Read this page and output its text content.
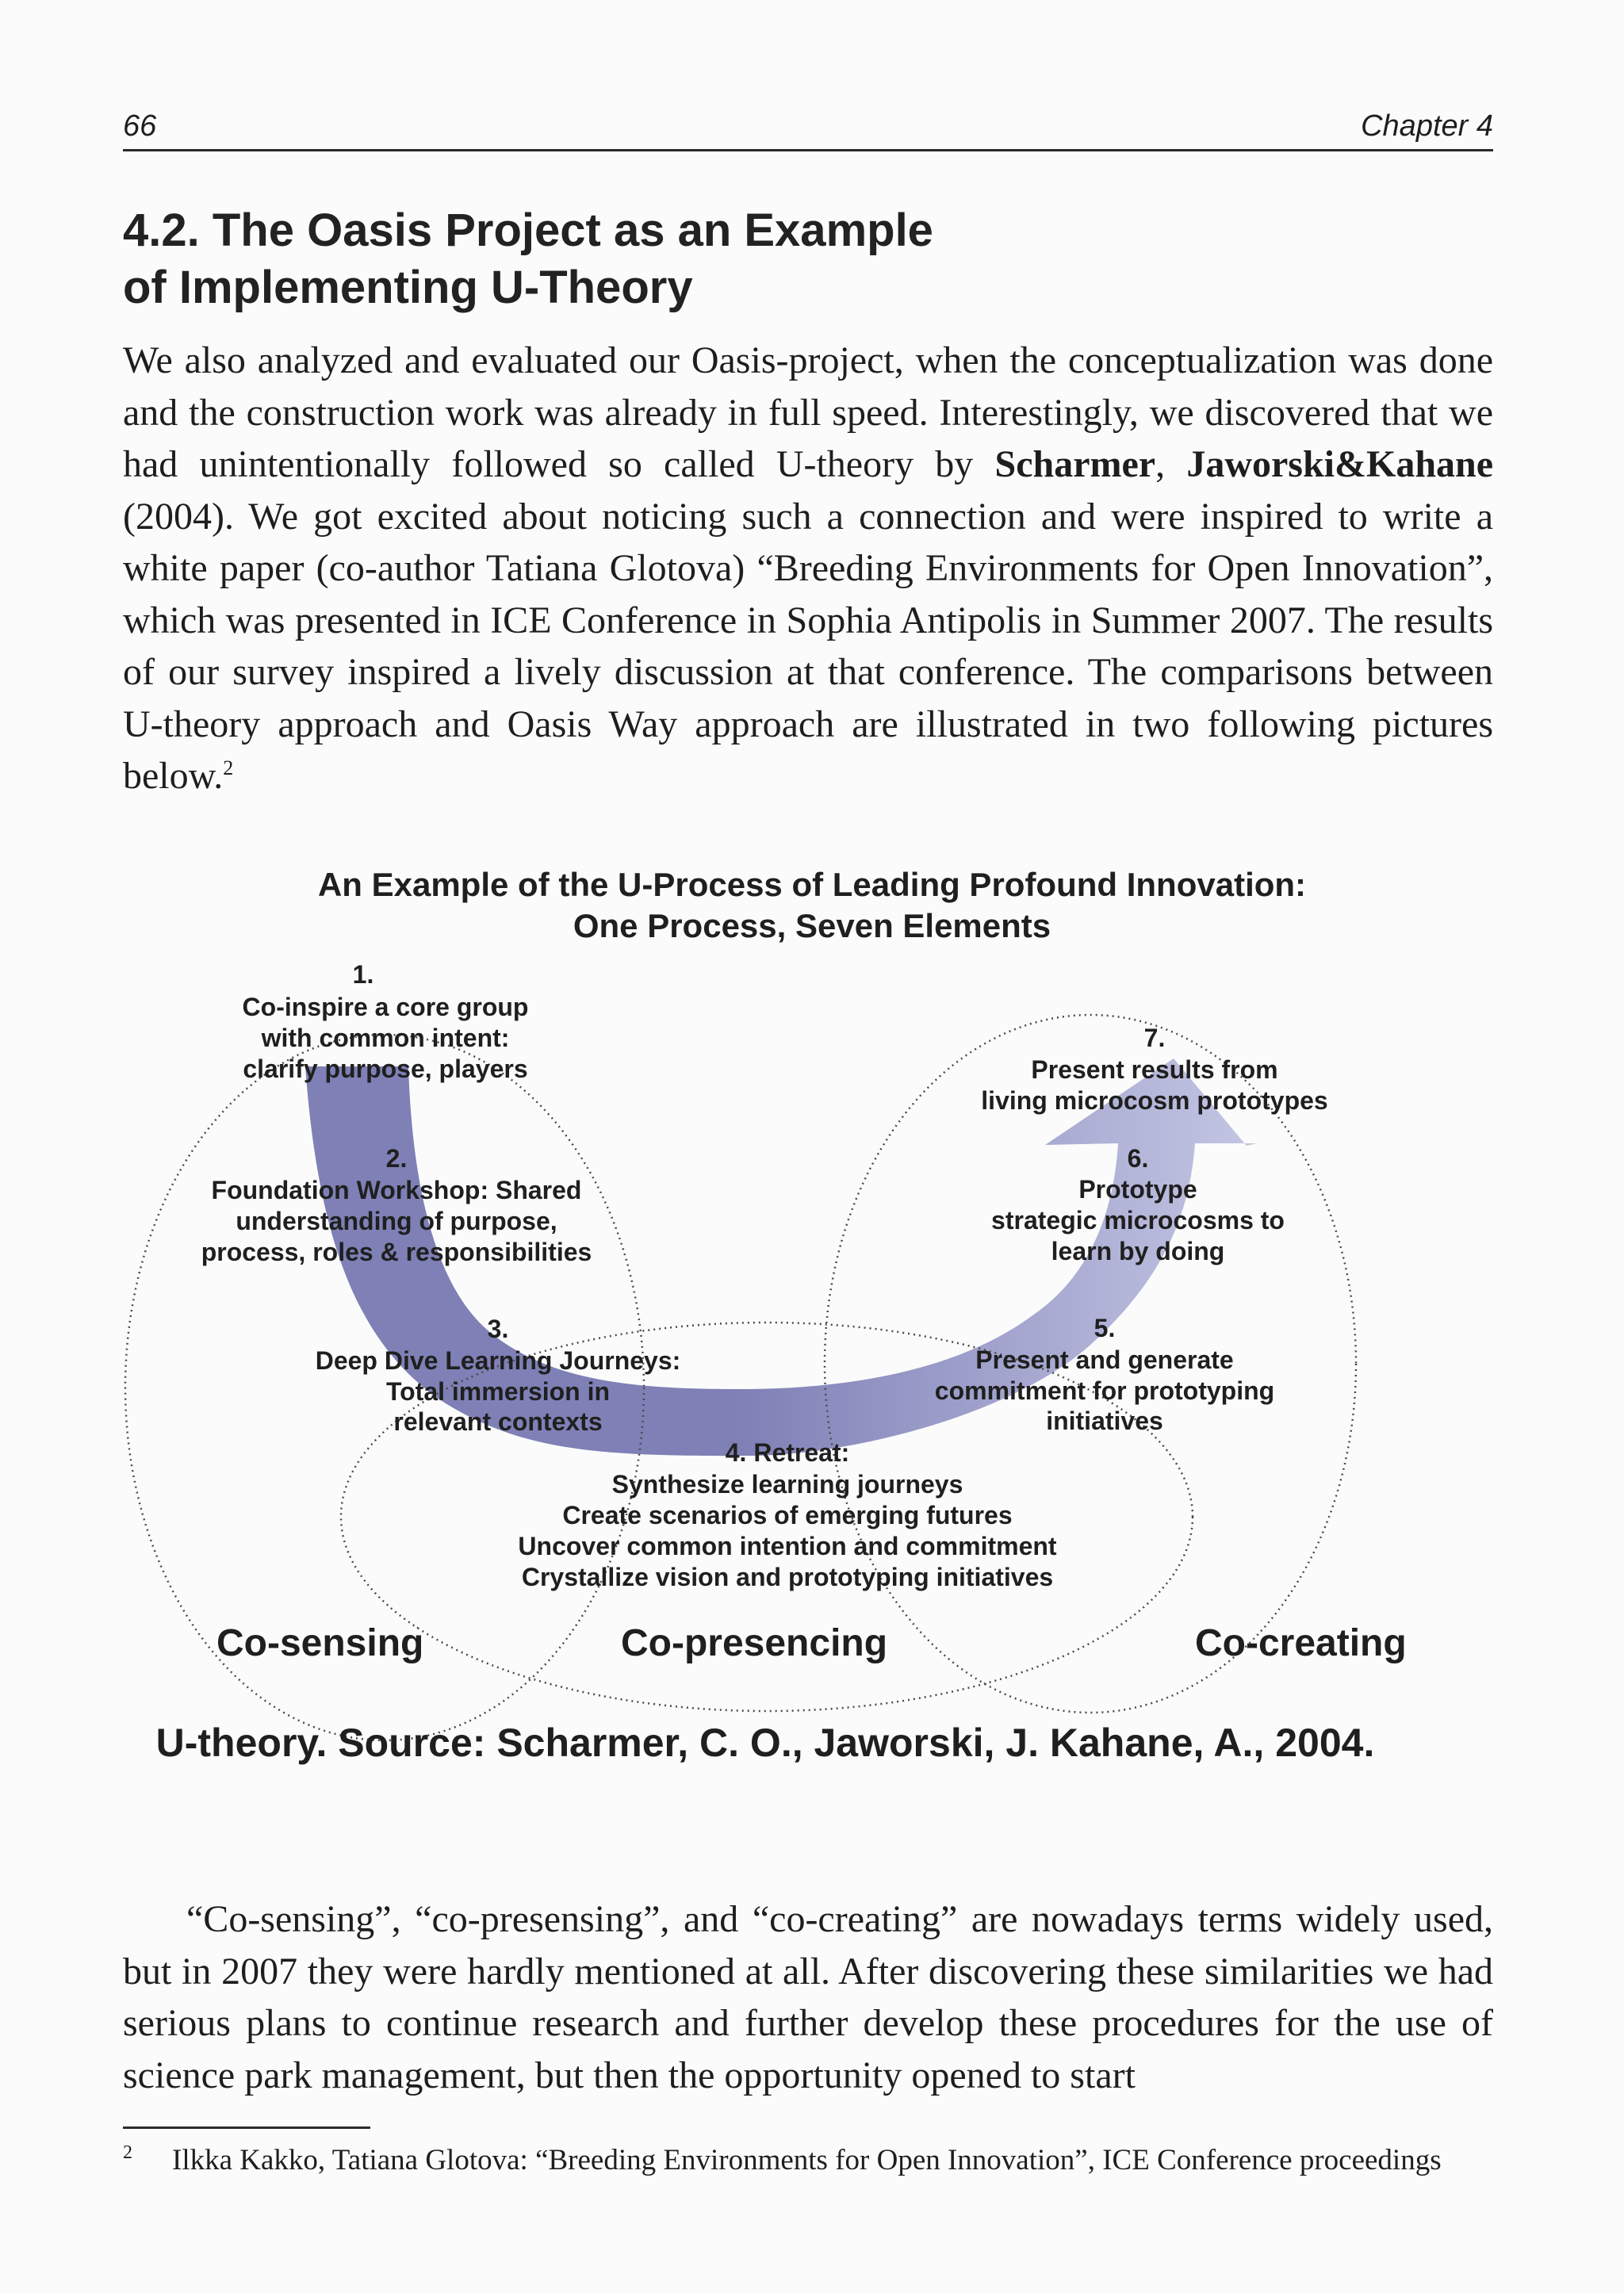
66	Chapter 4
4.2. The Oasis Project as an Example
of Implementing U-Theory

We also analyzed and evaluated our Oasis-project, when the conceptualization was done and the construction work was already in full speed. Interestingly, we discovered that we had unintentionally followed so called U-theory by Scharmer, Jaworski&Kahane (2004). We got excited about noticing such a connection and were inspired to write a white paper (co-author Tatiana Glotova) “Breeding Environments for Open Innovation”, which was presented in ICE Conference in Sophia Antipolis in Summer 2007. The results of our survey inspired a lively discussion at that conference. The comparisons between U-theory approach and Oasis Way approach are illustrated in two following pictures below.$^2$

An Example of the U-Process of Leading Profound Innovation:
One Process, Seven Elements
1.
Co-inspire a core group
with common intent:
clarify purpose, players
2.
Foundation Workshop: Shared
understanding of purpose,
process, roles & responsibilities
3.
Deep Dive Learning Journeys:
Total immersion in
relevant contexts
4. Retreat:
Synthesize learning journeys
Create scenarios of emerging futures
Uncover common intention and commitment
Crystallize vision and prototyping initiatives
5.
Present and generate
commitment for prototyping
initiatives
6.
Prototype
strategic microcosms to
learn by doing
7.
Present results from
living microcosm prototypes
Co-sensing	Co-presencing	Co-creating
U-theory. Source: Scharmer, C. O., Jaworski, J. Kahane, A., 2004.

“Co-sensing”, “co-presensing”, and “co-creating” are nowadays terms widely used, but in 2007 they were hardly mentioned at all. After discovering these similarities we had serious plans to continue research and further develop these procedures for the use of science park management, but then the opportunity opened to start

2 Ilkka Kakko, Tatiana Glotova: “Breeding Environments for Open Innovation”, ICE Conference proceedings
